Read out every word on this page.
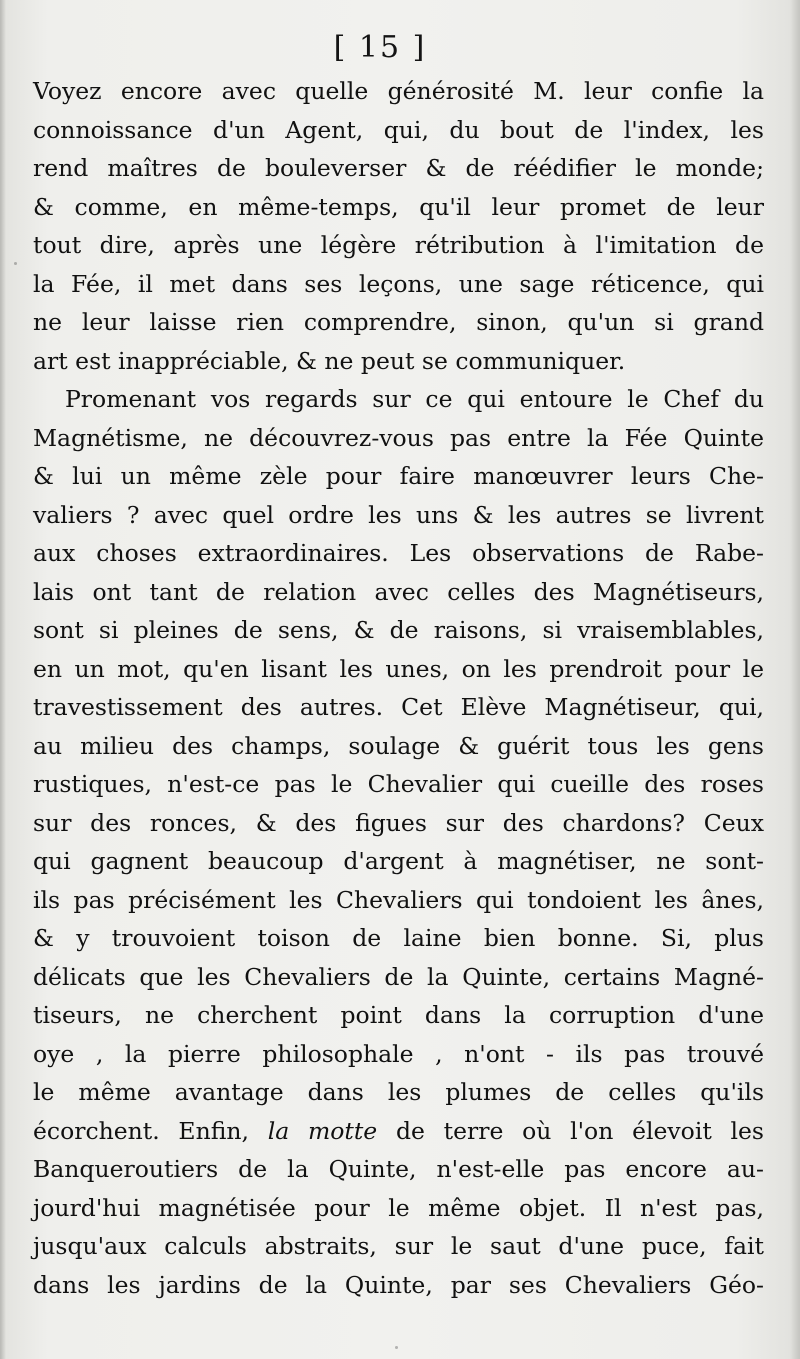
[ 15 ]
Voyez encore avec quelle générosité M. leur confie la
connoissance d'un Agent, qui, du bout de l'index, les
rend maîtres de bouleverser & de réédifier le monde;
& comme, en même-temps, qu'il leur promet de leur
tout dire, après une légère rétribution à l'imitation de
la Fée, il met dans ses leçons, une sage réticence, qui
ne leur laisse rien comprendre, sinon, qu'un si grand
art est inappréciable, & ne peut se communiquer.
Promenant vos regards sur ce qui entoure le Chef du
Magnétisme, ne découvrez-vous pas entre la Fée Quinte
& lui un même zèle pour faire manœuvrer leurs Che-
valiers ? avec quel ordre les uns & les autres se livrent
aux choses extraordinaires. Les observations de Rabe-
lais ont tant de relation avec celles des Magnétiseurs,
sont si pleines de sens, & de raisons, si vraisemblables,
en un mot, qu'en lisant les unes, on les prendroit pour le
travestissement des autres. Cet Elève Magnétiseur, qui,
au milieu des champs, soulage & guérit tous les gens
rustiques, n'est-ce pas le Chevalier qui cueille des roses
sur des ronces, & des figues sur des chardons? Ceux
qui gagnent beaucoup d'argent à magnétiser, ne sont-
ils pas précisément les Chevaliers qui tondoient les ânes,
& y trouvoient toison de laine bien bonne. Si, plus
délicats que les Chevaliers de la Quinte, certains Magné-
tiseurs, ne cherchent point dans la corruption d'une
oye , la pierre philosophale , n'ont - ils pas trouvé
le même avantage dans les plumes de celles qu'ils
écorchent. Enfin, la motte de terre où l'on élevoit les
Banqueroutiers de la Quinte, n'est-elle pas encore au-
jourd'hui magnétisée pour le même objet. Il n'est pas,
jusqu'aux calculs abstraits, sur le saut d'une puce, fait
dans les jardins de la Quinte, par ses Chevaliers Géo-
